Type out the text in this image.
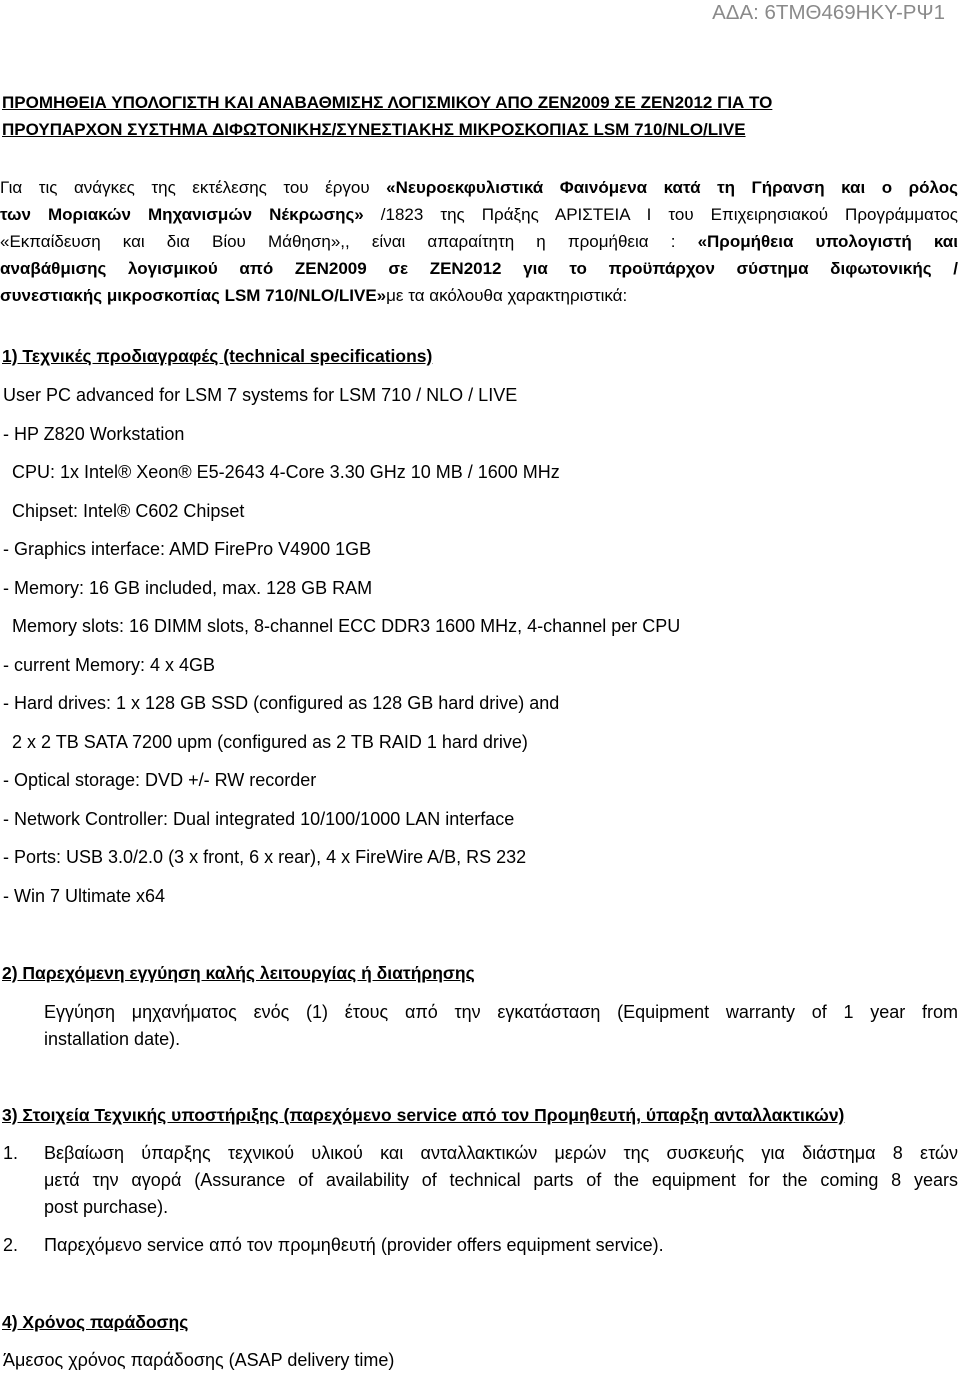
ΑΔΑ: 6ΤΜΘ469ΗΚΥ-ΡΨ1
ΠΡΟΜΗΘΕΙΑ ΥΠΟΛΟΓΙΣΤΗ ΚΑΙ ΑΝΑΒΑΘΜΙΣΗΣ ΛΟΓΙΣΜΙΚΟΥ ΑΠΟ ΖΕΝ2009 ΣΕ ΖΕΝ2012 ΓΙΑ ΤΟ
ΠΡΟΥΠΑΡΧΟΝ ΣΥΣΤΗΜΑ ΔΙΦΩΤΟΝΙΚΗΣ/ΣΥΝΕΣΤΙΑΚΗΣ ΜΙΚΡΟΣΚΟΠΙΑΣ LSM 710/NLO/LIVE
Για τις ανάγκες της εκτέλεσης του έργου «Νευροεκφυλιστικά Φαινόμενα κατά τη Γήρανση και ο ρόλος
των Μοριακών Μηχανισμών Νέκρωσης» /1823 της Πράξης ΑΡΙΣΤΕΙΑ Ι του Επιχειρησιακού Προγράμματος
«Εκπαίδευση και δια Βίου Μάθηση»,, είναι απαραίτητη η προμήθεια : «Προμήθεια υπολογιστή και
αναβάθμισης λογισμικού από ZEN2009 σε ZEN2012 για το προϋπάρχον σύστημα διφωτονικής /
συνεστιακής μικροσκοπίας LSM 710/NLO/LIVE»με τα ακόλουθα χαρακτηριστικά:
1) Τεχνικές προδιαγραφές (technical specifications)
User PC advanced for LSM 7 systems for LSM 710 / NLO / LIVE
- HP Z820 Workstation
CPU: 1x Intel® Xeon® E5-2643 4-Core 3.30 GHz 10 MB / 1600 MHz
Chipset: Intel® C602 Chipset
- Graphics interface: AMD FirePro V4900 1GB
- Memory: 16 GB included, max. 128 GB RAM
Memory slots: 16 DIMM slots, 8-channel ECC DDR3 1600 MHz, 4-channel per CPU
- current Memory: 4 x 4GB
- Hard drives: 1 x 128 GB SSD (configured as 128 GB hard drive) and
2 x 2 TB SATA 7200 upm (configured as 2 TB RAID 1 hard drive)
- Optical storage: DVD +/- RW recorder
- Network Controller: Dual integrated 10/100/1000 LAN interface
- Ports: USB 3.0/2.0 (3 x front, 6 x rear), 4 x FireWire A/B, RS 232
- Win 7 Ultimate x64
2) Παρεχόμενη εγγύηση καλής λειτουργίας ή διατήρησης
Εγγύηση μηχανήματος ενός (1) έτους από την εγκατάσταση (Equipment warranty of 1 year from
installation date).
3) Στοιχεία Τεχνικής υποστήριξης (παρεχόμενο service από τον Προμηθευτή, ύπαρξη ανταλλακτικών)
1. Βεβαίωση ύπαρξης τεχνικού υλικού και ανταλλακτικών μερών της συσκευής για διάστημα 8 ετών
μετά την αγορά (Assurance of availability of technical parts of the equipment for the coming 8 years
post purchase).
2. Παρεχόμενο service από τον προμηθευτή (provider offers equipment service).
4) Χρόνος παράδοσης
Άμεσος χρόνος παράδοσης (ASAP delivery time)
